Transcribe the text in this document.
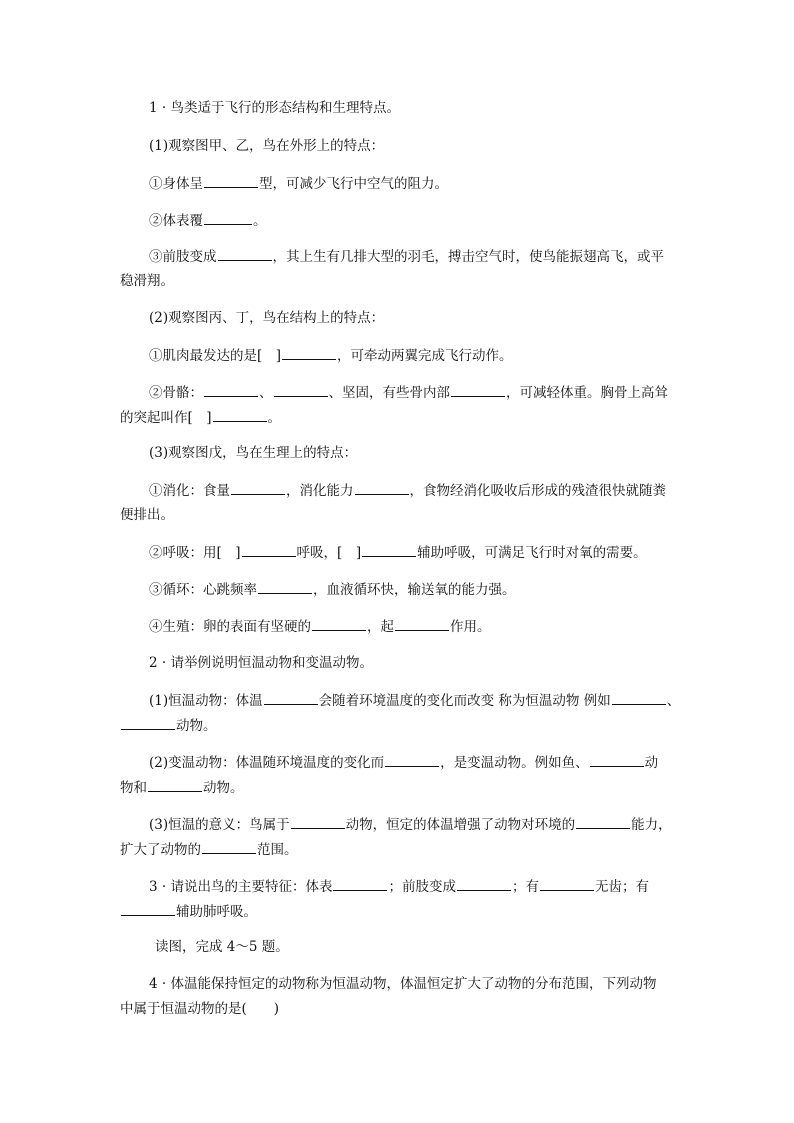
1 · 鸟类适于飞行的形态结构和生理特点。
(1)观察图甲、乙，鸟在外形上的特点：
①身体呈	型，可减少飞行中空气的阻力。
②体表覆	。
③前肢变成	，其上生有几排大型的羽毛，搏击空气时，使鸟能振翅高飞，或平
稳滑翔。
(2)观察图丙、丁，鸟在结构上的特点：
①肌肉最发达的是[　]	，可牵动两翼完成飞行动作。
②骨骼：	、	、坚固，有些骨内部	，可减轻体重。胸骨上高耸
的突起叫作[　]	。
(3)观察图戊，鸟在生理上的特点：
①消化：食量	，消化能力	，食物经消化吸收后形成的残渣很快就随粪
便排出。
②呼吸：用[　]	呼吸，[　]	辅助呼吸，可满足飞行时对氧的需要。
③循环：心跳频率	，血液循环快，输送氧的能力强。
④生殖：卵的表面有坚硬的	，起	作用。
2 · 请举例说明恒温动物和变温动物。
(1)恒温动物：体温	会随着环境温度的变化而改变 称为恒温动物 例如	、
动物。
(2)变温动物：体温随环境温度的变化而	，是变温动物。例如鱼、	动
物和	动物。
(3)恒温的意义：鸟属于	动物，恒定的体温增强了动物对环境的	能力，
扩大了动物的	范围。
3 · 请说出鸟的主要特征：体表	；前肢变成	；有	无齿；有
辅助肺呼吸。
读图，完成 4～5 题。
4 · 体温能保持恒定的动物称为恒温动物，体温恒定扩大了动物的分布范围，下列动物
中属于恒温动物的是(　　)
